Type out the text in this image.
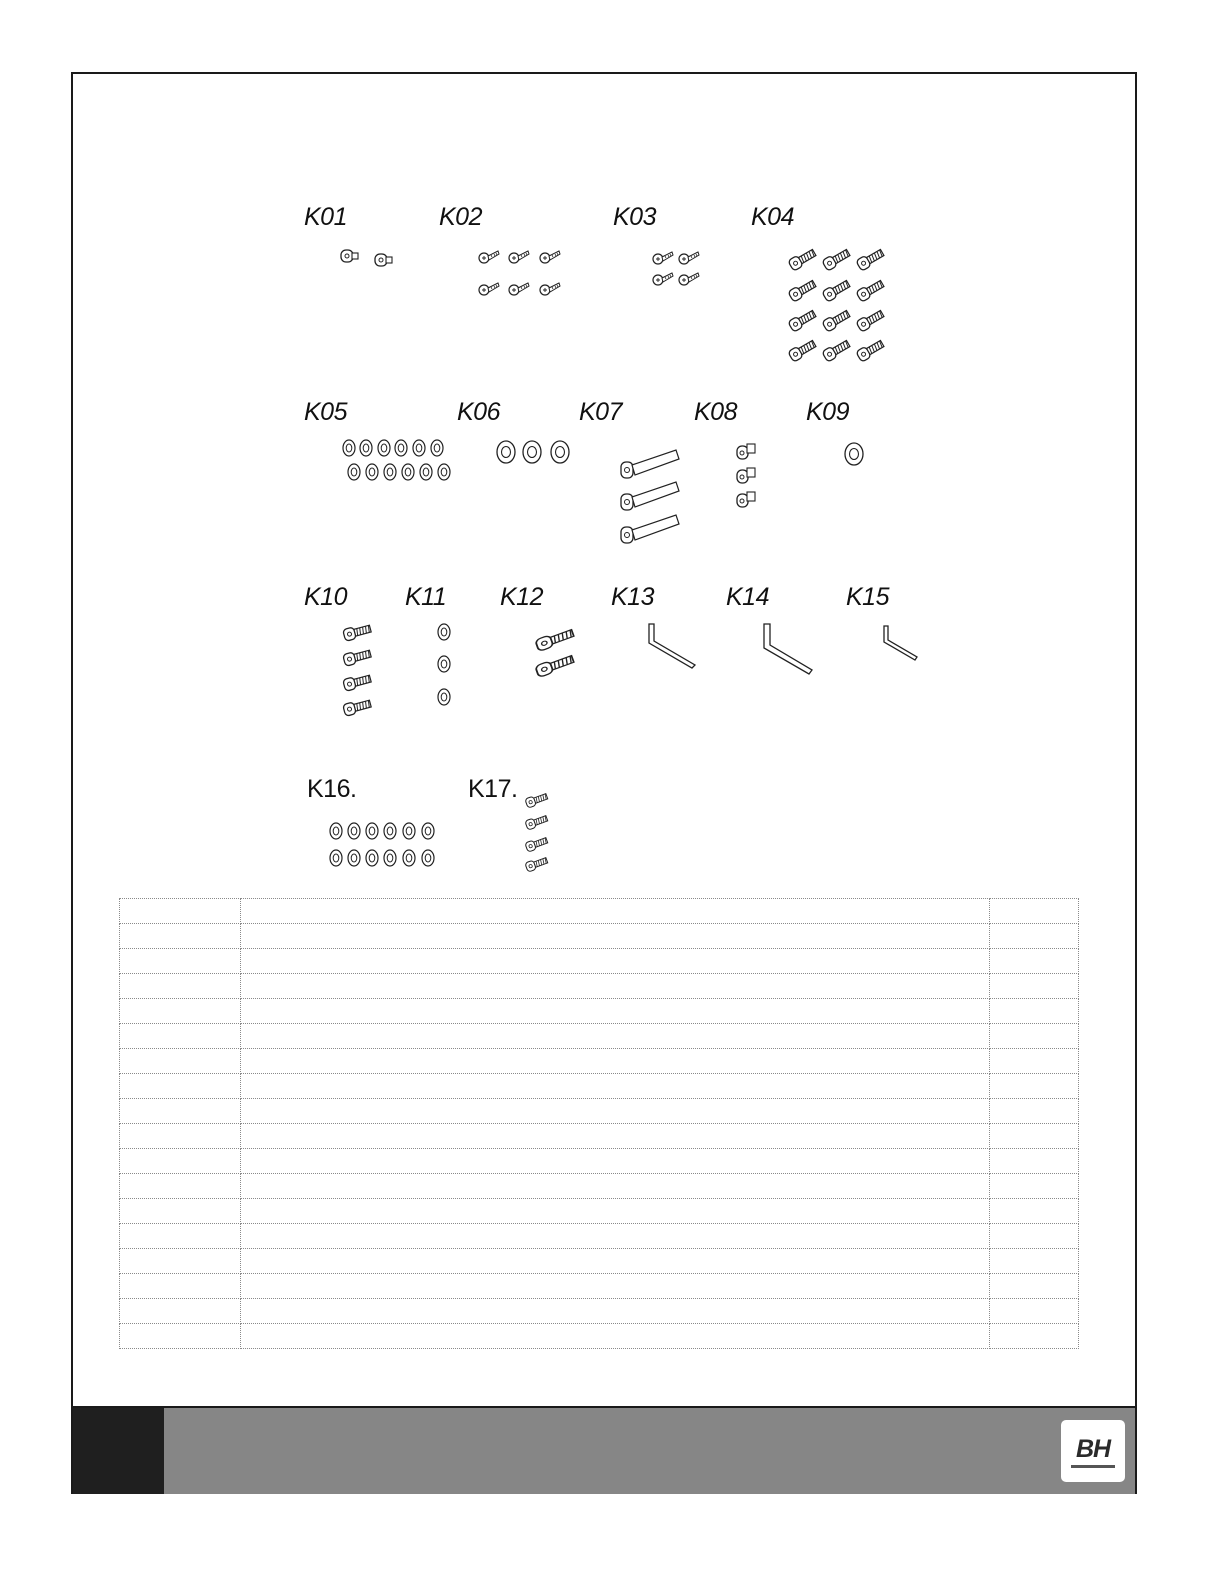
K01	K02	K03	K04
K05	K06	K07	K08	K09
K10 K11 K12	K13	K14	K15
K16.	K17.

BH
